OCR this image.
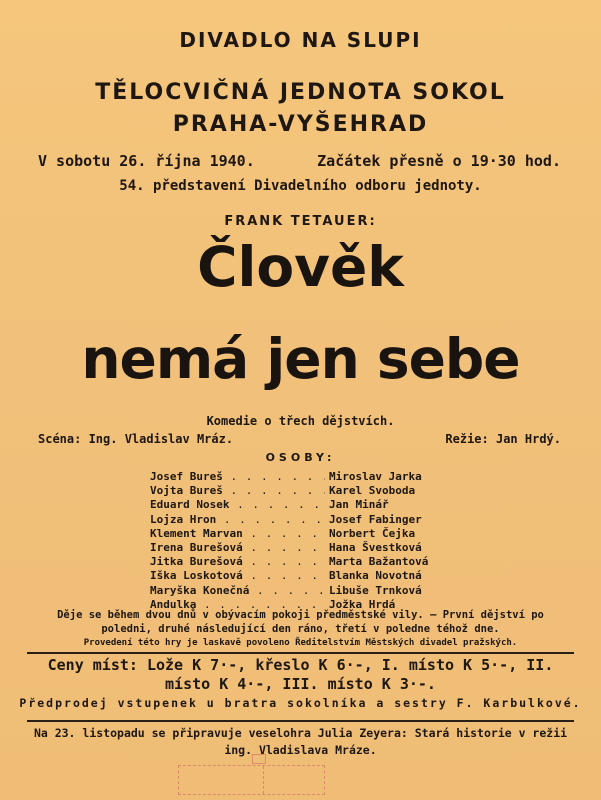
DIVADLO NA SLUPI
TĚLOCVIČNÁ JEDNOTA SOKOL
PRAHA-VYŠEHRAD
V sobotu 26. října 1940.	Začátek přesně o 19·30 hod.
54. představení Divadelního odboru jednoty.
FRANK TETAUER:
Člověk
nemá jen sebe
Komedie o třech dějstvích.
Scéna: Ing. Vladislav Mráz.	Režie: Jan Hrdý.
OSOBY:
Josef Bureš . . .	Miroslav Jarka
Vojta Bureš . . .	Karel Svoboda
Eduard Nosek . . .	Jan Minář
Lojza Hron . . .	Josef Fabinger
Klement Marvan . . .	Norbert Čejka
Irena Burešová . . .	Hana Švestková
Jitka Burešová . . .	Marta Bažantová
Iška Loskotová . . .	Blanka Novotná
Maryška Konečná . . .	Libuše Trnková
Andulka . . .	Jožka Hrdá
Děje se během dvou dnů v obývacím pokoji předměstské vily. — První dějství po poledni, druhé následující den ráno, třetí v poledne téhož dne.
Provedení této hry je laskavě povoleno Ředitelstvím Městských divadel pražských.
Ceny míst: Lože K 7·-, křeslo K 6·-, I. místo K 5·-, II. místo K 4·-, III. místo K 3·-.
Předprodej vstupenek u bratra sokolníka a sestry F. Karbulkové.
Na 23. listopadu se připravuje veselohra Julia Zeyera: Stará historie v režii ing. Vladislava Mráze.
